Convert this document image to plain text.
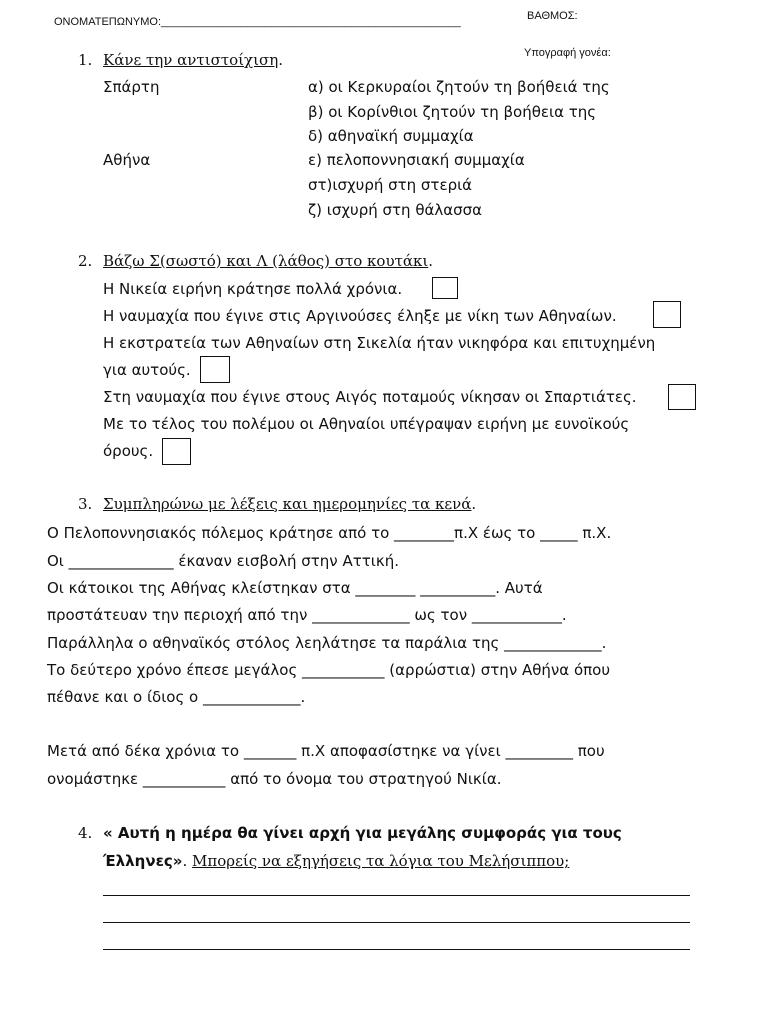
ΟΝΟΜΑΤΕΠΩΝΥΜΟ:_________________________________________________	ΒΑΘΜΟΣ:
Υπογραφή γονέα:
1. Κάνε την αντιστοίχιση.
Σπάρτη
Αθήνα
α) οι Κερκυραίοι ζητούν τη βοήθειά της
β) οι Κορίνθιοι ζητούν τη βοήθεια της
δ) αθηναϊκή συμμαχία
ε) πελοποννησιακή συμμαχία
στ)ισχυρή στη στεριά
ζ) ισχυρή στη θάλασσα
2. Βάζω Σ(σωστό) και Λ (λάθος) στο κουτάκι.
Η Νικεία ειρήνη κράτησε πολλά χρόνια.
Η ναυμαχία που έγινε στις Αργινούσες έληξε με νίκη των Αθηναίων.
Η εκστρατεία των Αθηναίων στη Σικελία ήταν νικηφόρα και επιτυχημένη
για αυτούς.
Στη ναυμαχία που έγινε στους Αιγός ποταμούς νίκησαν οι Σπαρτιάτες.
Με το τέλος του πολέμου οι Αθηναίοι υπέγραψαν ειρήνη με ευνοϊκούς
όρους.
3. Συμπληρώνω με λέξεις και ημερομηνίες τα κενά.
Ο Πελοποννησιακός πόλεμος κράτησε από το ________π.Χ έως το _____ π.Χ.
Οι ______________ έκαναν εισβολή στην Αττική.
Οι κάτοικοι της Αθήνας κλείστηκαν στα ________ __________. Αυτά
προστάτευαν την περιοχή από την _____________ ως τον ____________.
Παράλληλα ο αθηναϊκός στόλος λεηλάτησε τα παράλια της _____________.
Το δεύτερο χρόνο έπεσε μεγάλος ___________ (αρρώστια) στην Αθήνα όπου
πέθανε και ο ίδιος ο _____________.
Μετά από δέκα χρόνια το _______ π.Χ αποφασίστηκε να γίνει _________ που
ονομάστηκε ___________ από το όνομα του στρατηγού Νικία.
4. « Αυτή η ημέρα θα γίνει αρχή για μεγάλης συμφοράς για τους
Έλληνες». Μπορείς να εξηγήσεις τα λόγια του Μελήσιππου;
